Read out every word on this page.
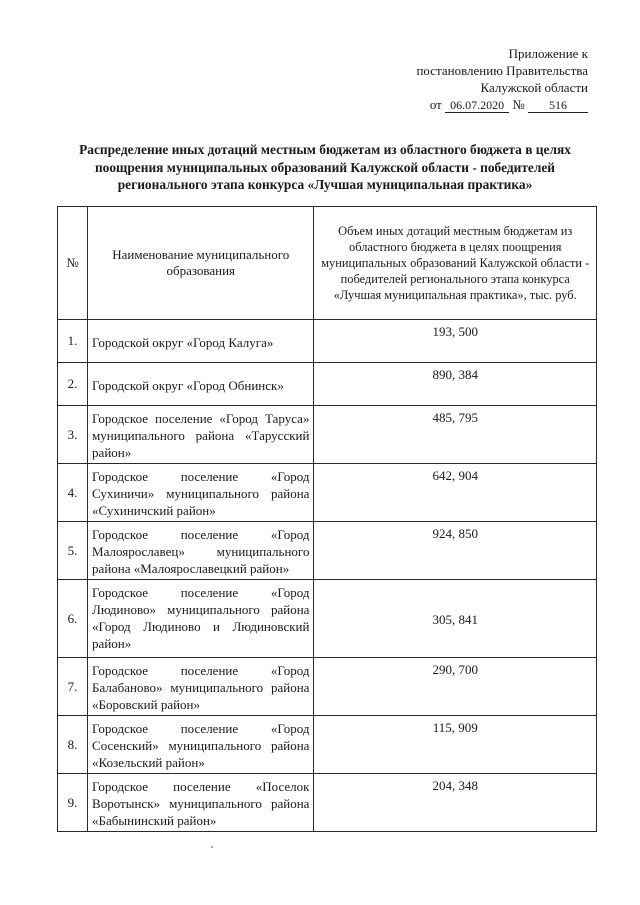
Приложение к
постановлению Правительства
Калужской области
от 06.07.2020 № 516
Распределение иных дотаций местным бюджетам из областного бюджета в целях поощрения муниципальных образований Калужской области - победителей регионального этапа конкурса «Лучшая муниципальная практика»
№	Наименование муниципального образования	Объем иных дотаций местным бюджетам из областного бюджета в целях поощрения муниципальных образований Калужской области - победителей регионального этапа конкурса «Лучшая муниципальная практика», тыс. руб.
1.	Городской округ «Город Калуга»	193, 500
2.	Городской округ «Город Обнинск»	890, 384
3.	Городское поселение «Город Таруса» муниципального района «Тарусский район»	485, 795
4.	Городское поселение «Город Сухиничи» муниципального района «Сухиничский район»	642, 904
5.	Городское поселение «Город Малоярославец» муниципального района «Малоярославецкий район»	924, 850
6.	Городское поселение «Город Людиново» муниципального района «Город Людиново и Людиновский район»	305, 841
7.	Городское поселение «Город Балабаново» муниципального района «Боровский район»	290, 700
8.	Городское поселение «Город Сосенский» муниципального района «Козельский район»	115, 909
9.	Городское поселение «Поселок Воротынск» муниципального района «Бабынинский район»	204, 348
